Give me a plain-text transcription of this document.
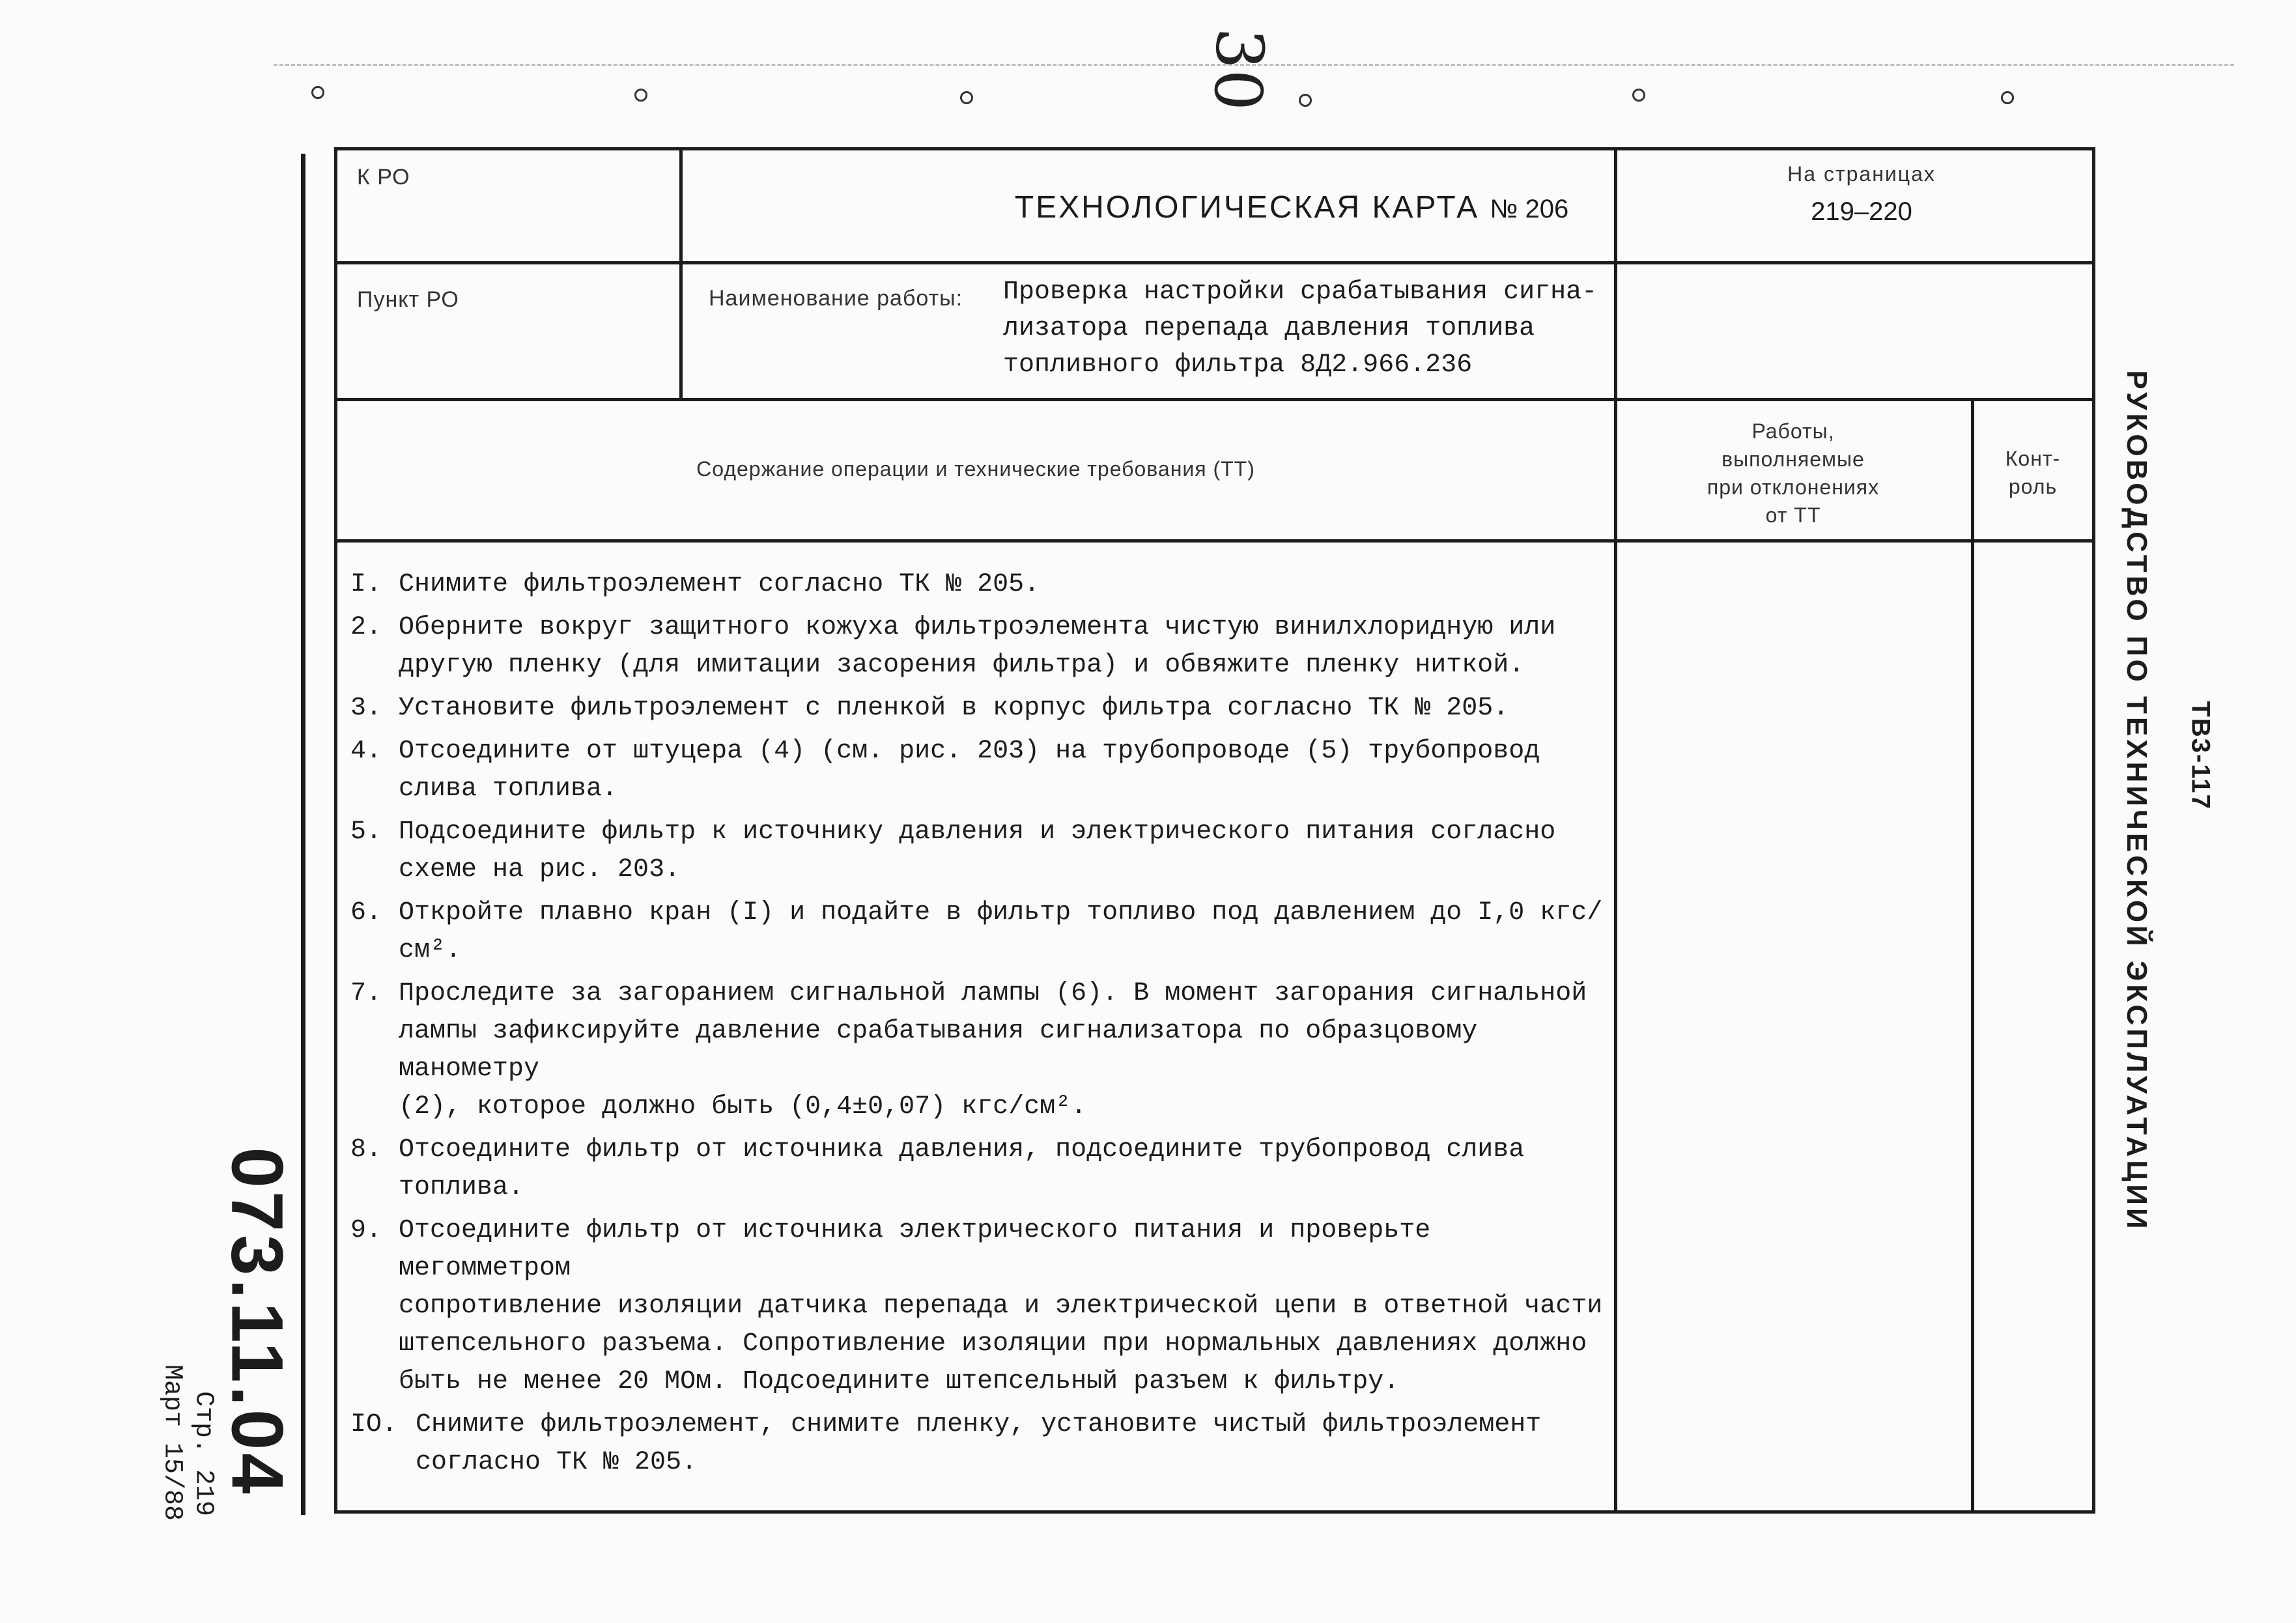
30
К РО
ТЕХНОЛОГИЧЕСКАЯ КАРТА № 206
На страницах
219–220
Пункт РО	Наименование работы: Проверка настройки срабатывания сигна-
лизатора перепада давления топлива
топливного фильтра 8Д2.966.236
Содержание операции и технические требования (ТТ)
Работы,
выполняемые
при отклонениях
от ТТ
Конт-
роль
I. Снимите фильтроэлемент согласно ТК № 205.
2. Оберните вокруг защитного кожуха фильтроэлемента чистую винилхлоридную или
другую пленку (для имитации засорения фильтра) и обвяжите пленку ниткой.
3. Установите фильтроэлемент с пленкой в корпус фильтра согласно ТК № 205.
4. Отсоедините от штуцера (4) (см. рис. 203) на трубопроводе (5) трубопровод
слива топлива.
5. Подсоедините фильтр к источнику давления и электрического питания согласно
схеме на рис. 203.
6. Откройте плавно кран (I) и подайте в фильтр топливо под давлением до I,0 кгс/см².
7. Проследите за загоранием сигнальной лампы (6). В момент загорания сигнальной
лампы зафиксируйте давление срабатывания сигнализатора по образцовому манометру
(2), которое должно быть (0,4±0,07) кгс/см².
8. Отсоедините фильтр от источника давления, подсоедините трубопровод слива топлива.
9. Отсоедините фильтр от источника электрического питания и проверьте мегомметром
сопротивление изоляции датчика перепада и электрической цепи в ответной части
штепсельного разъема. Сопротивление изоляции при нормальных давлениях должно
быть не менее 20 МОм. Подсоедините штепсельный разъем к фильтру.
IO. Снимите фильтроэлемент, снимите пленку, установите чистый фильтроэлемент
согласно ТК № 205.
ТВ3-117
РУКОВОДСТВО ПО ТЕХНИЧЕСКОЙ ЭКСПЛУАТАЦИИ
073.11.04
Стр. 219
Март 15/88
